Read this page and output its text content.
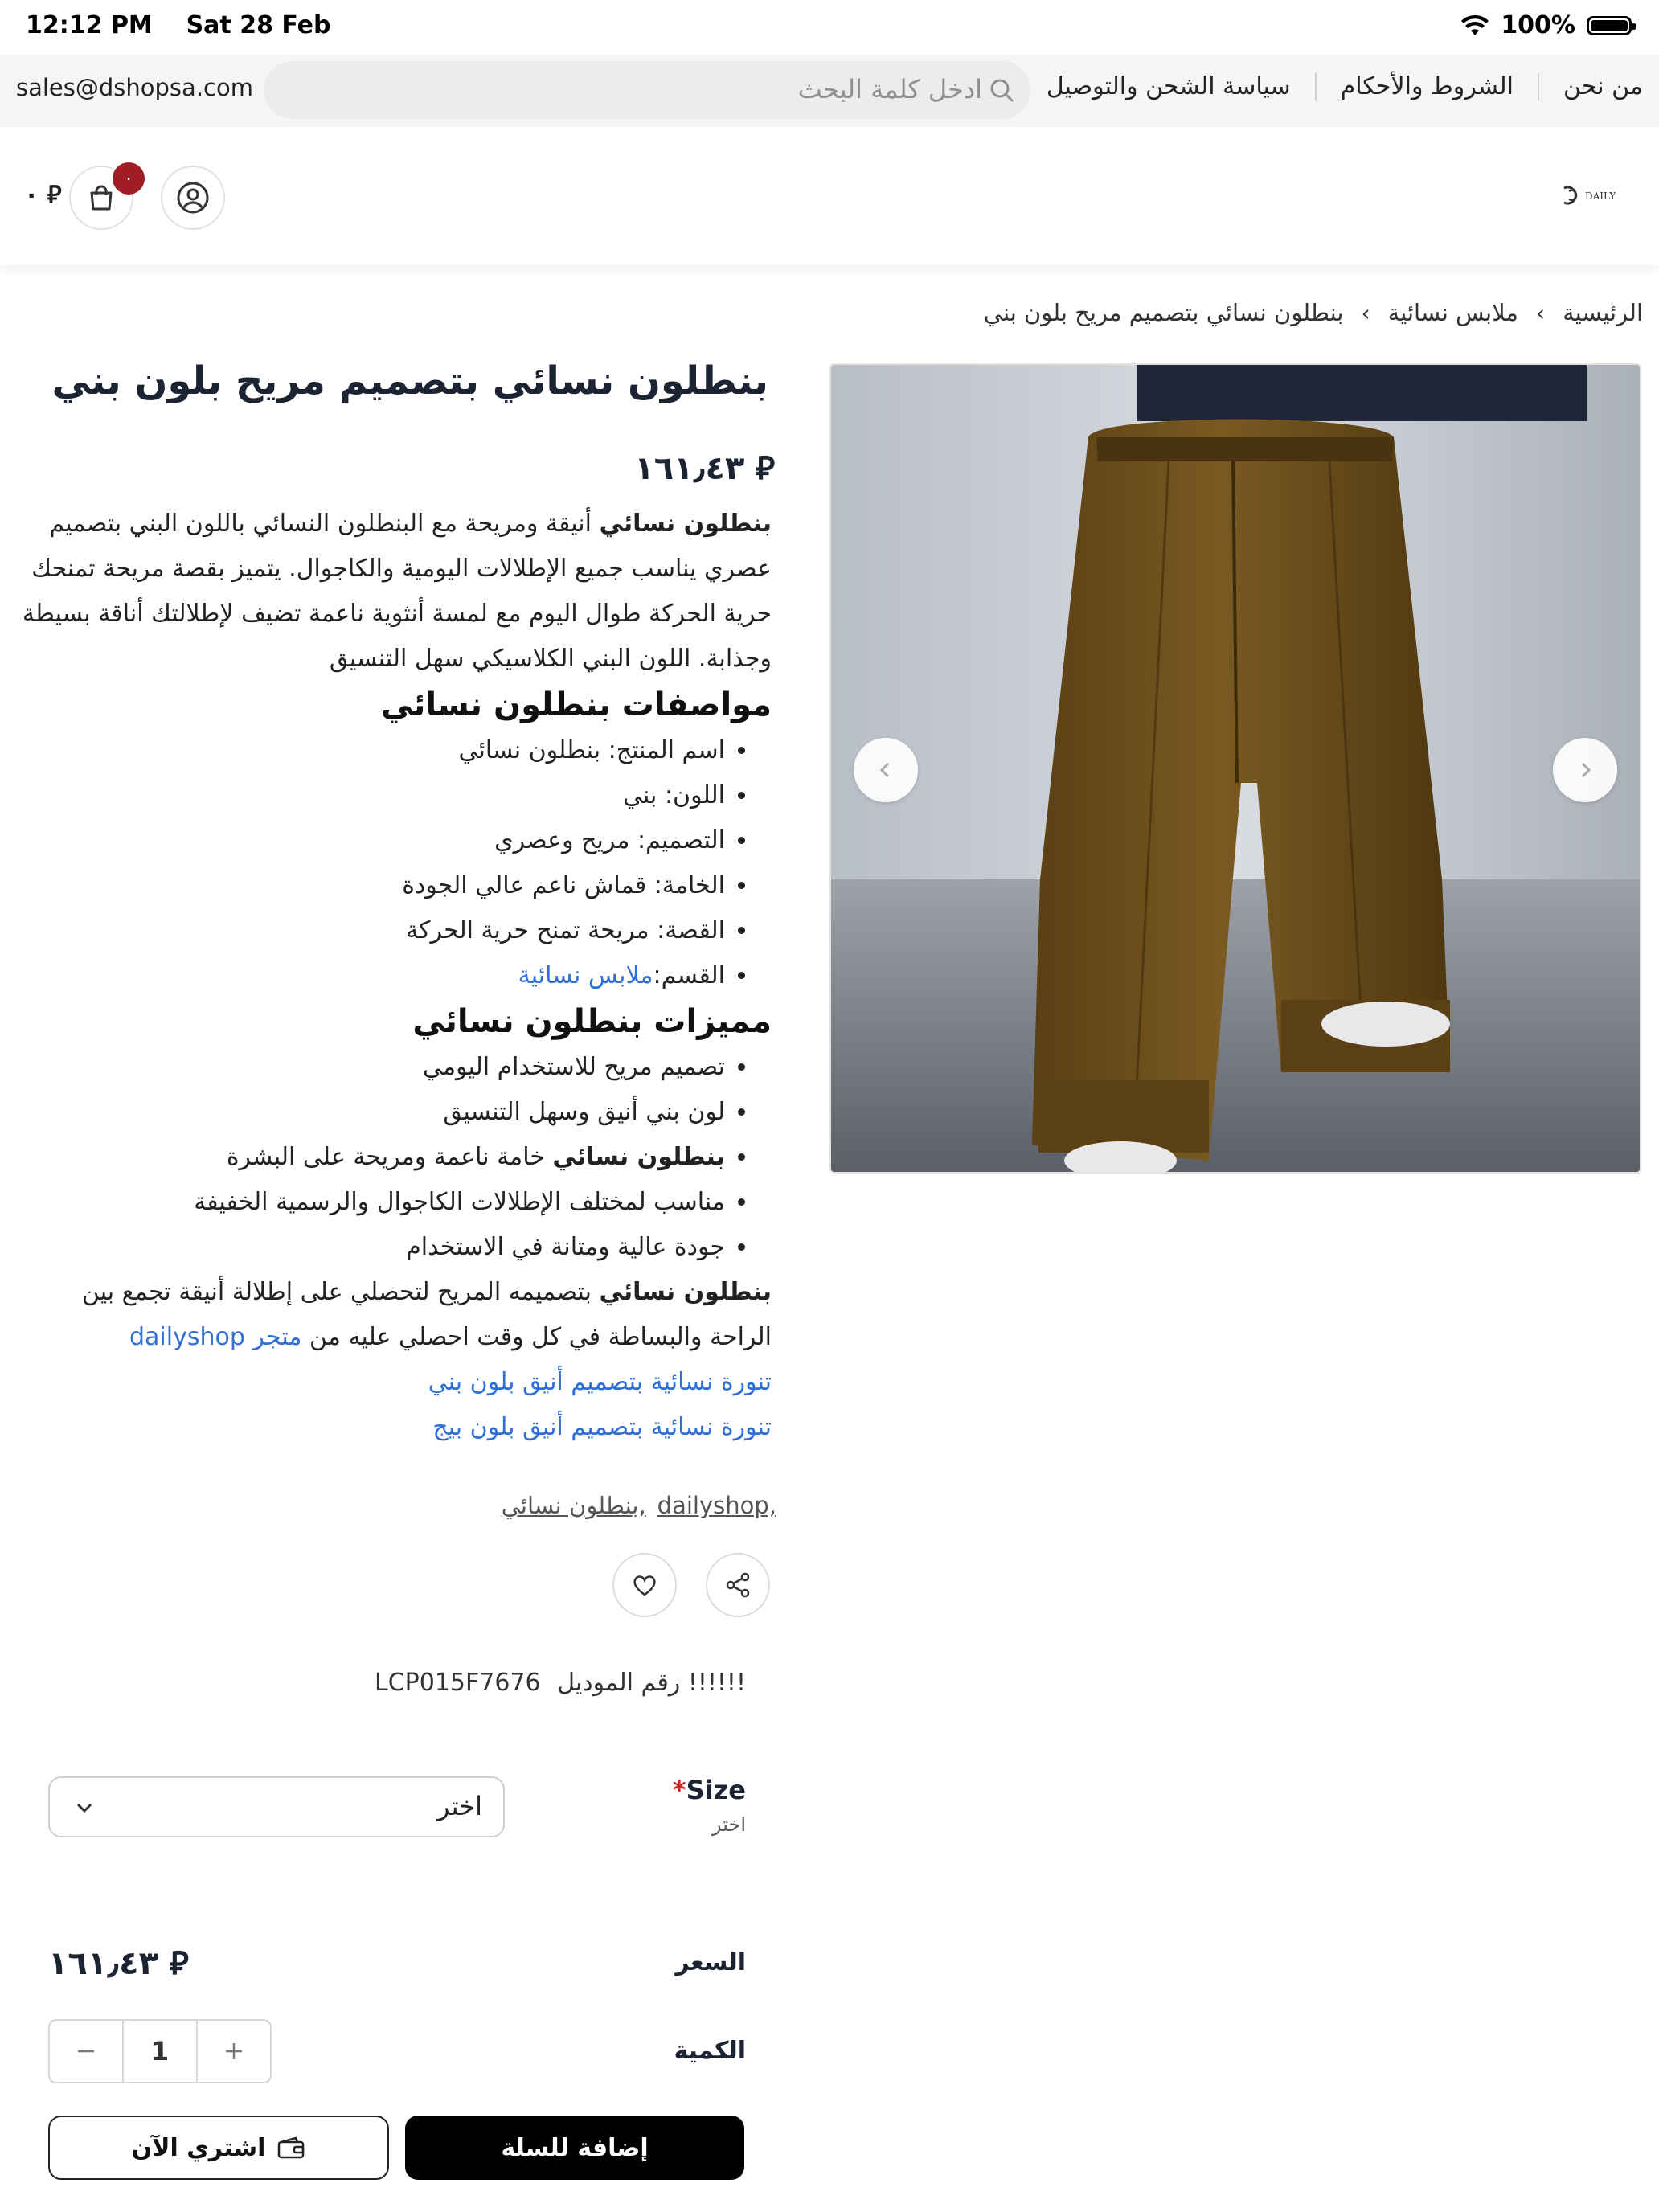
12:12 PM Sat 28 Feb	100%
sales@dshopsa.com	ادخل كلمة البحث	من نحن
الشروط والأحكام
سياسة الشحن والتوصيل
٠ ⃁
٠
DAILY
الرئيسية
‹
ملابس نسائية
‹
بنطلون نسائي بتصميم مريح بلون بني
بنطلون نسائي بتصميم مريح بلون بني
١٦١٫٤٣ ⃁

بنطلون نسائي أنيقة ومريحة مع البنطلون النسائي باللون البني بتصميم عصري يناسب جميع الإطلالات اليومية والكاجوال. يتميز بقصة مريحة تمنحك حرية الحركة طوال اليوم مع لمسة أنثوية ناعمة تضيف لإطلالتك أناقة بسيطة وجذابة. اللون البني الكلاسيكي سهل التنسيق

مواصفات بنطلون نسائي
• اسم المنتج: بنطلون نسائي
• اللون: بني
• التصميم: مريح وعصري
• الخامة: قماش ناعم عالي الجودة
• القصة: مريحة تمنح حرية الحركة
• القسم:ملابس نسائية
مميزات بنطلون نسائي
• تصميم مريح للاستخدام اليومي
• لون بني أنيق وسهل التنسيق
• بنطلون نسائي خامة ناعمة ومريحة على البشرة
• مناسب لمختلف الإطلالات الكاجوال والرسمية الخفيفة
• جودة عالية ومتانة في الاستخدام

بنطلون نسائي بتصميمه المريح لتحصلي على إطلالة أنيقة تجمع بين الراحة والبساطة في كل وقت احصلي عليه من متجر dailyshop

تنورة نسائية بتصميم أنيق بلون بني

تنورة نسائية بتصميم أنيق بلون بيج

dailyshop,
بنطلون نسائي,
!!!!!! رقم الموديل
LCP015F7676
*Size
اختر
اختر
السعر
١٦١٫٤٣ ⃁
الكمية
1
إضافة للسلة
اشتري الآن
